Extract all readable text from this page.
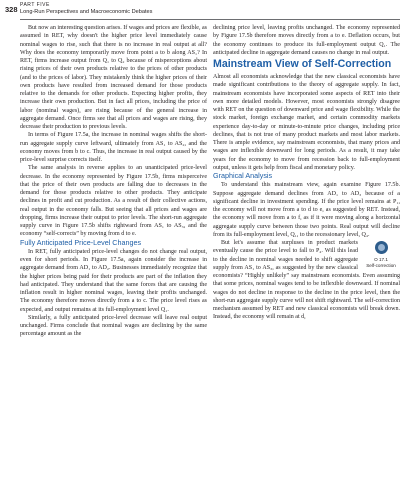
328 PART FIVE
Long-Run Perspectives and Macroeconomic Debates

But now an interesting question arises. If wages and prices are flexible, as assumed in RET, why doesn't the higher price level immediately cause nominal wages to rise, such that there is no increase in real output at all? Why does the economy temporarily move from point a to b along AS₁? In RET, firms increase output from Q₁ to Q₂ because of misperceptions about rising prices of their own products relative to the prices of other products (and to the prices of labor). They mistakenly think the higher prices of their own products have resulted from increased demand for those products relative to the demands for other products. Expecting higher profits, they increase their own production. But in fact all prices, including the price of labor (nominal wages), are rising because of the general increase in aggregate demand. Once firms see that all prices and wages are rising, they decrease their production to previous levels.

In terms of Figure 17.5a, the increase in nominal wages shifts the short-run aggregate supply curve leftward, ultimately from AS₁ to AS₂, and the economy moves from b to c. Thus, the increase in real output caused by the price-level surprise corrects itself.

The same analysis in reverse applies to an unanticipated price-level decrease. In the economy represented by Figure 17.5b, firms misperceive that the price of their own products are falling due to decreases in the demand for those products relative to other products. They anticipate declines in profit and cut production. As a result of their collective actions, real output in the economy falls. But seeing that all prices and wages are dropping, firms increase their output to prior levels. The short-run aggregate supply curve in Figure 17.5b shifts rightward from AS₁ to AS₃, and the economy “self-corrects” by moving from d to e.

Fully Anticipated Price-Level Changes

In RET, fully anticipated price-level changes do not change real output, even for short periods. In Figure 17.5a, again consider the increase in aggregate demand from AD₁ to AD₂. Businesses immediately recognize that the higher prices being paid for their products are part of the inflation they had anticipated. They understand that the same forces that are causing the inflation result in higher nominal wages, leaving their profits unchanged. The economy therefore moves directly from a to c. The price level rises as expected, and output remains at its full-employment level Q₁.

Similarly, a fully anticipated price-level decrease will leave real output unchanged. Firms conclude that nominal wages are declining by the same percentage amount as the

declining price level, leaving profits unchanged. The economy represented by Figure 17.5b therefore moves directly from a to e. Deflation occurs, but the economy continues to produce its full-employment output Q₁. The anticipated decline in aggregate demand causes no change in real output.

Mainstream View of Self-Correction

Almost all economists acknowledge that the new classical economists have made significant contributions to the theory of aggregate supply. In fact, mainstream economists have incorporated some aspects of RET into their own more detailed models. However, most economists strongly disagree with RET on the question of downward price and wage flexibility. While the stock market, foreign exchange market, and certain commodity markets experience day-to-day or minute-to-minute price changes, including price declines, that is not true of many product markets and most labor markets. There is ample evidence, say mainstream economists, that many prices and wages are inflexible downward for long periods. As a result, it may take years for the economy to move from recession back to full-employment output, unless it gets help from fiscal and monetary policy.

Graphical Analysis

To understand this mainstream view, again examine Figure 17.5b. Suppose aggregate demand declines from AD₁ to AD₃ because of a significant decline in investment spending. If the price level remains at P₁, the economy will not move from a to d to e, as suggested by RET. Instead, the economy will move from a to f, as if it were moving along a horizontal aggregate supply curve between those two points. Real output will decline from its full-employment level, Q₁, to the recessionary level, Q₄.

O 17.1
Self-correction

But let's assume that surpluses in product markets eventually cause the price level to fall to P₄. Will this lead to the decline in nominal wages needed to shift aggregate supply from AS₁ to AS₃, as suggested by the new classical economists? “Highly unlikely” say mainstream economists. Even assuming that some prices, nominal wages tend to be inflexible downward. If nominal wages do not decline in response to the decline in the price level, then the short-run aggregate supply curve will not shift rightward. The self-correction mechanism assumed by RET and new classical economists will break down. Instead, the economy will remain at d,
